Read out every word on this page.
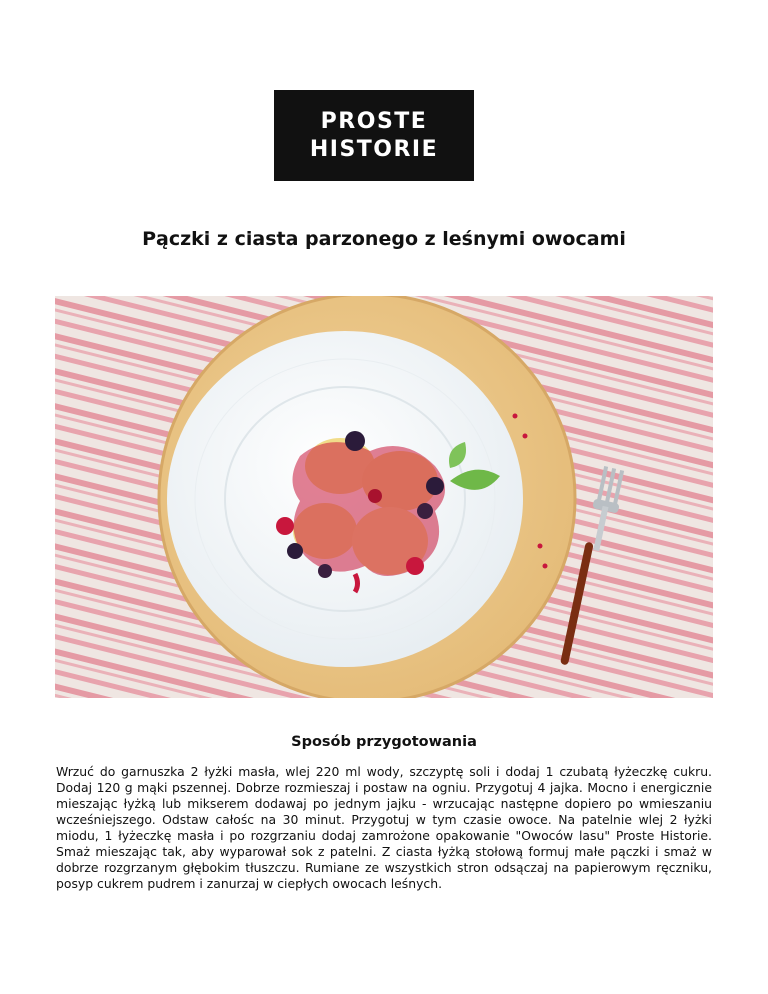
PROSTE
HISTORIE
Pączki z ciasta parzonego z leśnymi owocami
Sposób przygotowania

Wrzuć do garnuszka 2 łyżki masła, wlej 220 ml wody, szczyptę soli i dodaj 1 czubatą łyżeczkę cukru. Dodaj 120 g mąki pszennej. Dobrze rozmieszaj i postaw na ogniu. Przygotuj 4 jajka. Mocno i energicznie mieszając łyżką lub mikserem dodawaj po jednym jajku - wrzucając następne dopiero po wmieszaniu wcześniejszego. Odstaw całośc na 30 minut. Przygotuj w tym czasie owoce. Na patelnie wlej 2 łyżki miodu, 1 łyżeczkę masła i po rozgrzaniu dodaj zamrożone opakowanie "Owoców lasu" Proste Historie. Smaż mieszając tak, aby wyparował sok z patelni. Z ciasta łyżką stołową formuj małe pączki i smaż w dobrze rozgrzanym głębokim tłuszczu. Rumiane ze wszystkich stron odsączaj na papierowym ręczniku, posyp cukrem pudrem i zanurzaj w ciepłych owocach leśnych.
